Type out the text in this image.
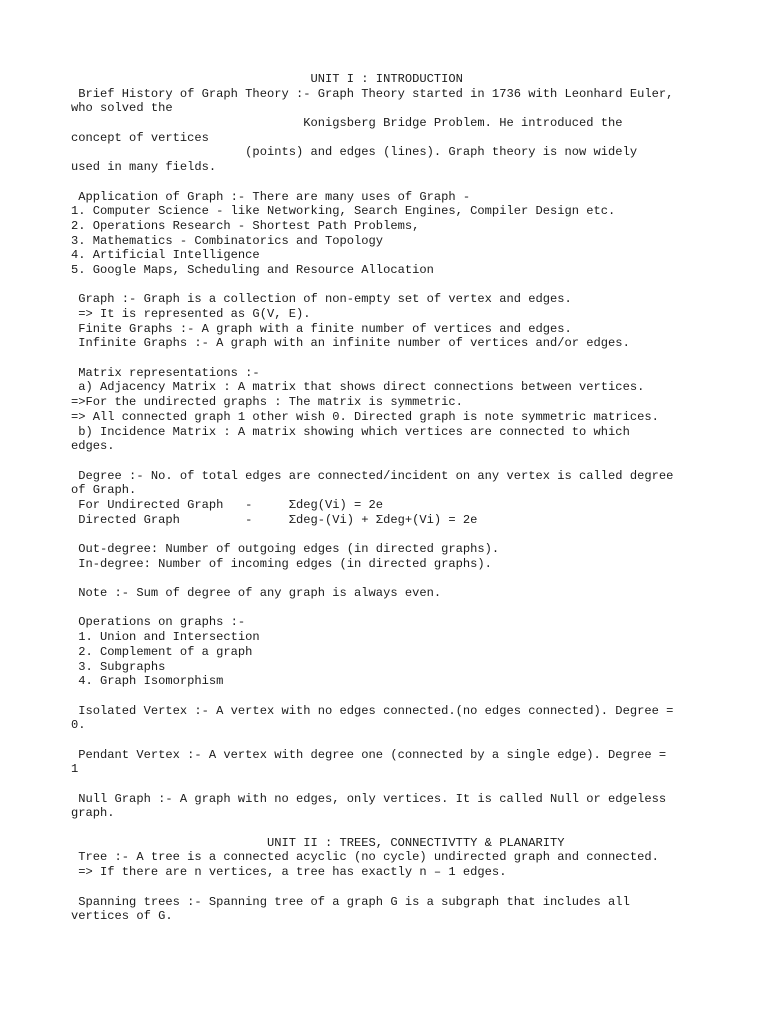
UNIT I : INTRODUCTION
Brief History of Graph Theory :- Graph Theory started in 1736 with Leonhard Euler,
who solved the
Konigsberg Bridge Problem. He introduced the
concept of vertices
(points) and edges (lines). Graph theory is now widely
used in many fields.
Application of Graph :- There are many uses of Graph -
1. Computer Science - like Networking, Search Engines, Compiler Design etc.
2. Operations Research - Shortest Path Problems,
3. Mathematics - Combinatorics and Topology
4. Artificial Intelligence
5. Google Maps, Scheduling and Resource Allocation
Graph :- Graph is a collection of non-empty set of vertex and edges.
=> It is represented as G(V, E).
Finite Graphs :- A graph with a finite number of vertices and edges.
Infinite Graphs :- A graph with an infinite number of vertices and/or edges.
Matrix representations :-
a) Adjacency Matrix : A matrix that shows direct connections between vertices.
=>For the undirected graphs : The matrix is symmetric.
=> All connected graph 1 other wish 0. Directed graph is note symmetric matrices.
b) Incidence Matrix : A matrix showing which vertices are connected to which
edges.
Degree :- No. of total edges are connected/incident on any vertex is called degree
of Graph.
For Undirected Graph   -     Σdeg(Vi) = 2e
Directed Graph         -     Σdeg-(Vi) + Σdeg+(Vi) = 2e
Out-degree: Number of outgoing edges (in directed graphs).
In-degree: Number of incoming edges (in directed graphs).
Note :- Sum of degree of any graph is always even.
Operations on graphs :-
1. Union and Intersection
2. Complement of a graph
3. Subgraphs
4. Graph Isomorphism
Isolated Vertex :- A vertex with no edges connected.(no edges connected). Degree =
0.
Pendant Vertex :- A vertex with degree one (connected by a single edge). Degree =
1
Null Graph :- A graph with no edges, only vertices. It is called Null or edgeless
graph.
UNIT II : TREES, CONNECTIVTTY & PLANARITY
Tree :- A tree is a connected acyclic (no cycle) undirected graph and connected.
=> If there are n vertices, a tree has exactly n – 1 edges.
Spanning trees :- Spanning tree of a graph G is a subgraph that includes all
vertices of G.
